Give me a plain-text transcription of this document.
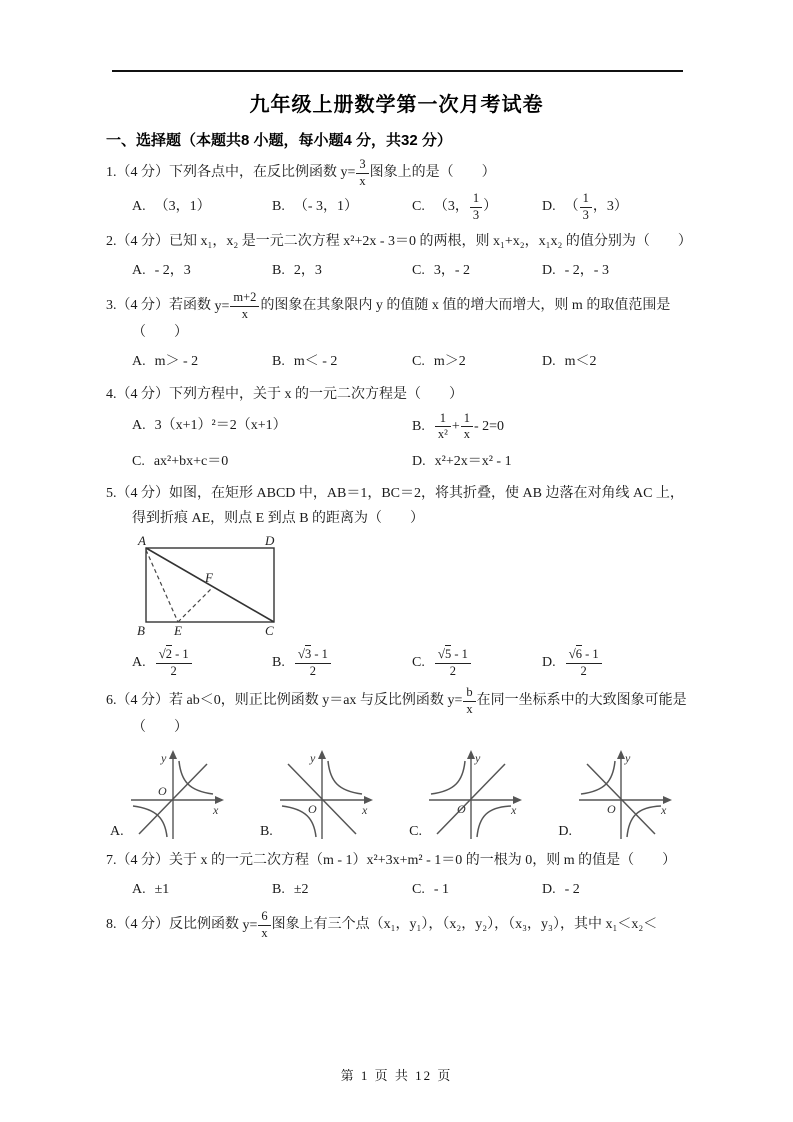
九年级上册数学第一次月考试卷
一、选择题（本题共8 小题，每小题4 分，共32 分）
1.（4 分）下列各点中，在反比例函数 $y= \frac{3}{x}$ 图象上的是（　　）
A. （3，1）	B. （- 3，1）	C. （3， $\frac{1}{3}$ ）	D. （ $\frac{1}{3}$ ，3）
2.（4 分）已知 x₁，x₂ 是一元二次方程 x²+2x - 3＝0 的两根，则 x₁+x₂，x₁x₂ 的值分别为（　　）
A. - 2，3	B. 2，3	C. 3，- 2	D. - 2，- 3
3.（4 分）若函数 $y= \frac{m+2}{x}$ 的图象在其象限内 y 的值随 x 值的增大而增大，则 m 的取值范围是（　　）
A. m＞ - 2	B. m＜ - 2	C. m＞2	D. m＜2
4.（4 分）下列方程中，关于 x 的一元二次方程是（　　）
A. 3（x+1）²＝2（x+1）	B. $\frac{1}{\text{x²}} + \frac{1}{x} - 2=0$
C. ax²+bx+c＝0	D. x²+2x＝x² - 1
5.（4 分）如图，在矩形 ABCD 中，AB＝1，BC＝2，将其折叠，使 AB 边落在对角线 AC 上，得到折痕 AE，则点 E 到点 B 的距离为（　　）
A	D
B E	C
F
A. $\frac{√2 - 1}{2}$	B. $\frac{√3 - 1}{2}$	C. $\frac{√5 - 1}{2}$	D. $\frac{√6 - 1}{2}$
6.（4 分）若 ab＜0，则正比例函数 y＝ax 与反比例函数 $y= \frac{b}{x}$ 在同一坐标系中的大致图象可能是（　　）
A.
y
x
O
B.
y
x
O
C.
y
x
O
D.
y
x
O
7.（4 分）关于 x 的一元二次方程（m - 1）x²+3x+m² - 1＝0 的一根为 0，则 m 的值是（　　）
A. ±1	B. ±2	C. - 1	D. - 2
8.（4 分）反比例函数 $y= \frac{6}{x}$ 图象上有三个点（x₁，y₁），（x₂，y₂），（x₃，y₃），其中 x₁＜x₂＜
第 1 页 共 12 页
